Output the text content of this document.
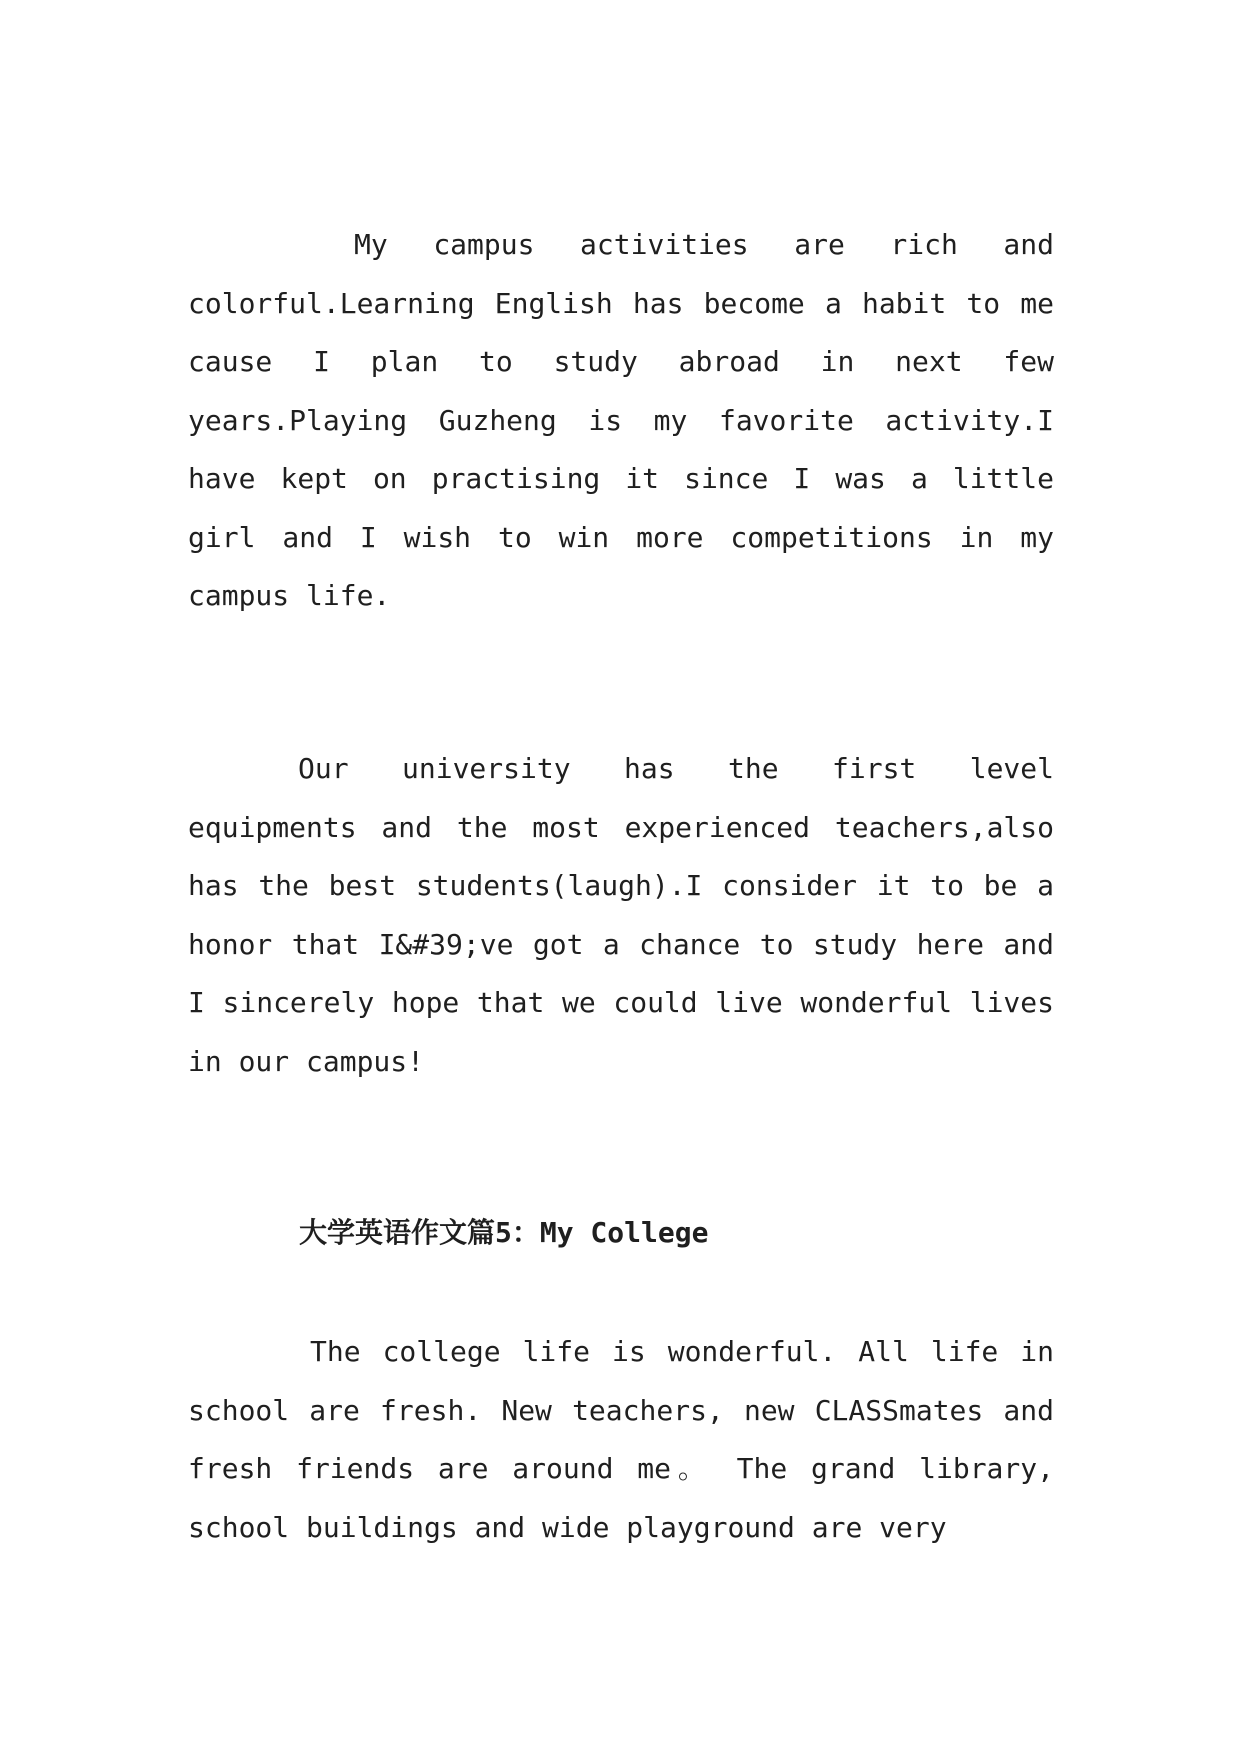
My campus activities are rich and colorful.Learning English has become a habit to me cause I plan to study abroad in next few years.Playing Guzheng is my favorite activity.I have kept on practising it since I was a little girl and I wish to win more competitions in my campus life.

Our university has the first level equipments and the most experienced teachers,also has the best students(laugh).I consider it to be a honor that I&#39;ve got a chance to study here and I sincerely hope that we could live wonderful lives in our campus!

大学英语作文篇5：My College

The college life is wonderful. All life in school are fresh. New teachers, new CLASSmates and fresh friends are around me。 The grand library, school buildings and wide playground are very
